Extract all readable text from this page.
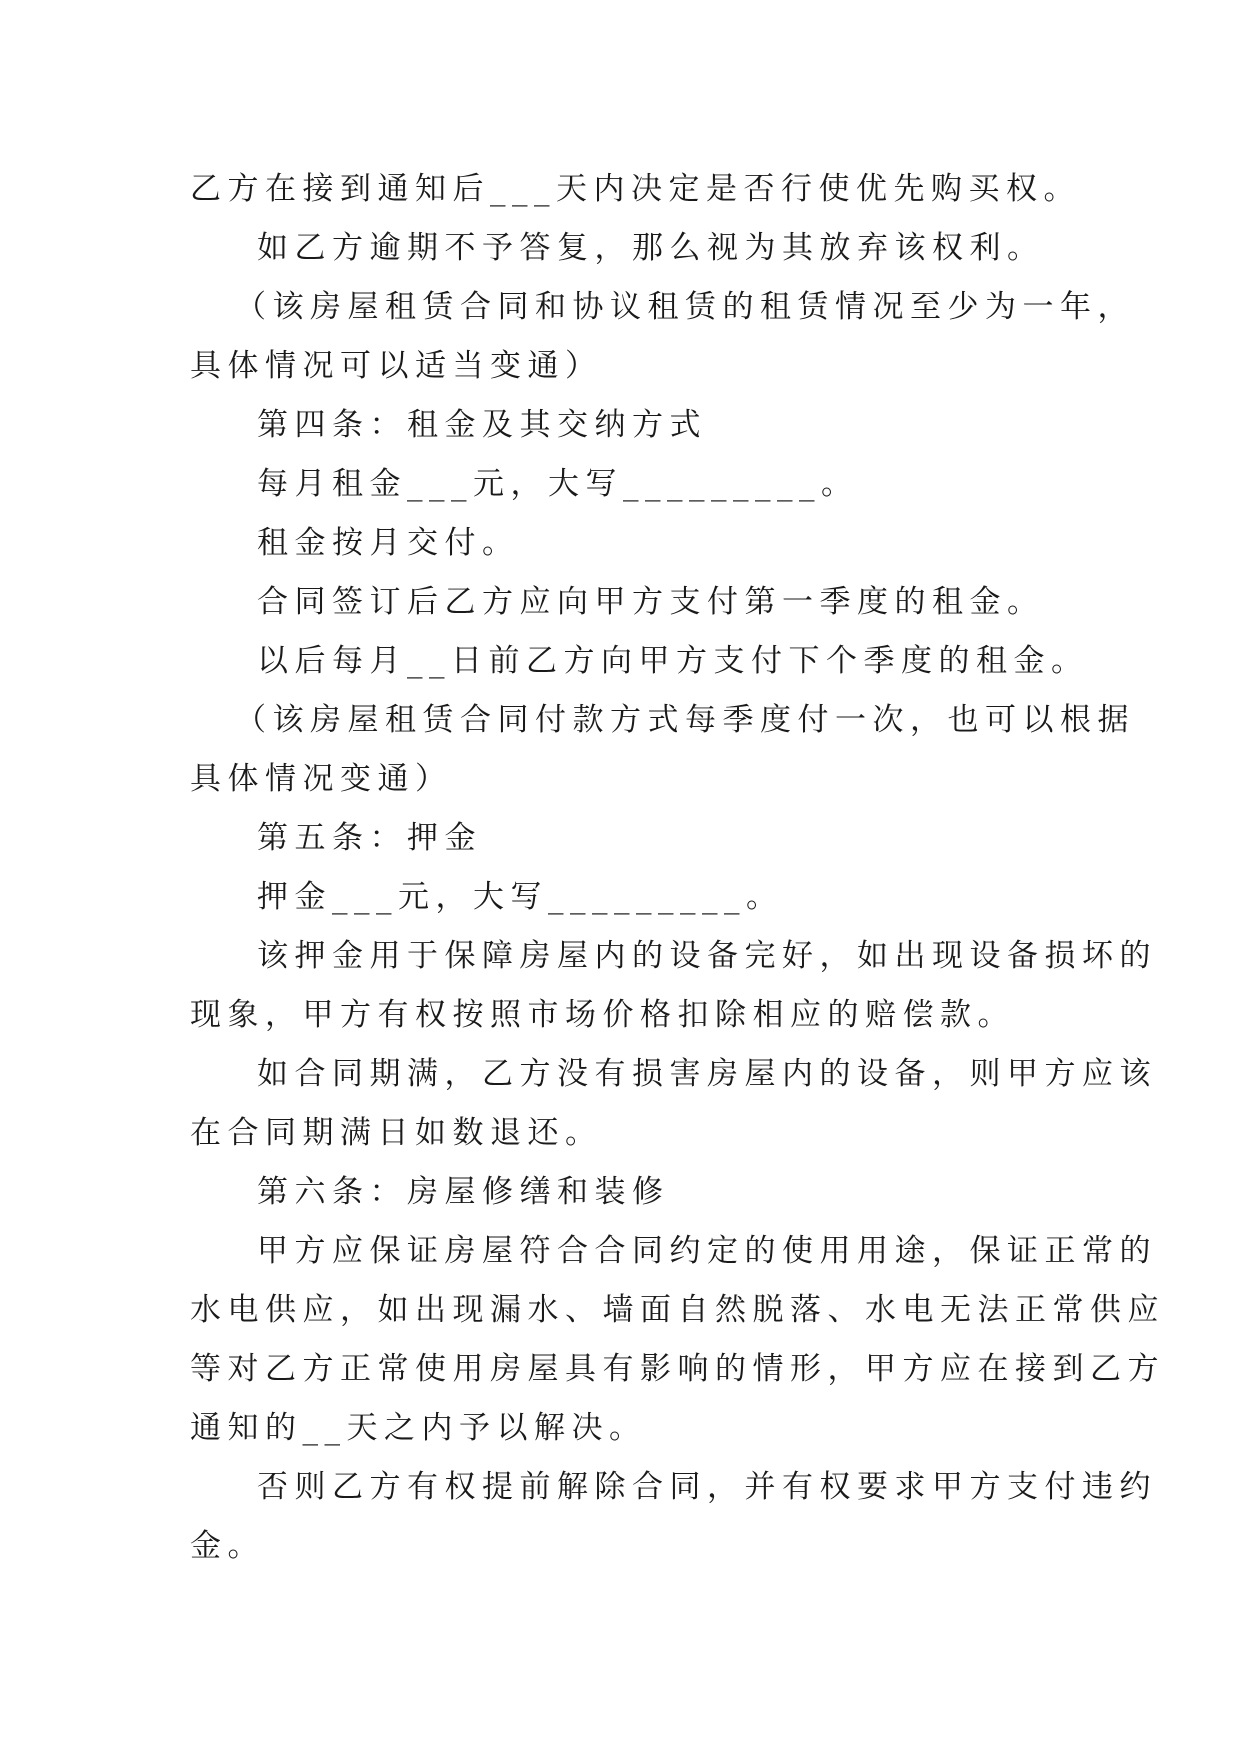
乙方在接到通知后___天内决定是否行使优先购买权。
如乙方逾期不予答复，那么视为其放弃该权利。
（该房屋租赁合同和协议租赁的租赁情况至少为一年，
具体情况可以适当变通）
第四条：租金及其交纳方式
每月租金___元，大写_________。
租金按月交付。
合同签订后乙方应向甲方支付第一季度的租金。
以后每月__日前乙方向甲方支付下个季度的租金。
（该房屋租赁合同付款方式每季度付一次，也可以根据
具体情况变通）
第五条：押金
押金___元，大写_________。
该押金用于保障房屋内的设备完好，如出现设备损坏的
现象，甲方有权按照市场价格扣除相应的赔偿款。
如合同期满，乙方没有损害房屋内的设备，则甲方应该
在合同期满日如数退还。
第六条：房屋修缮和装修
甲方应保证房屋符合合同约定的使用用途，保证正常的
水电供应，如出现漏水、墙面自然脱落、水电无法正常供应
等对乙方正常使用房屋具有影响的情形，甲方应在接到乙方
通知的__天之内予以解决。
否则乙方有权提前解除合同，并有权要求甲方支付违约
金。
